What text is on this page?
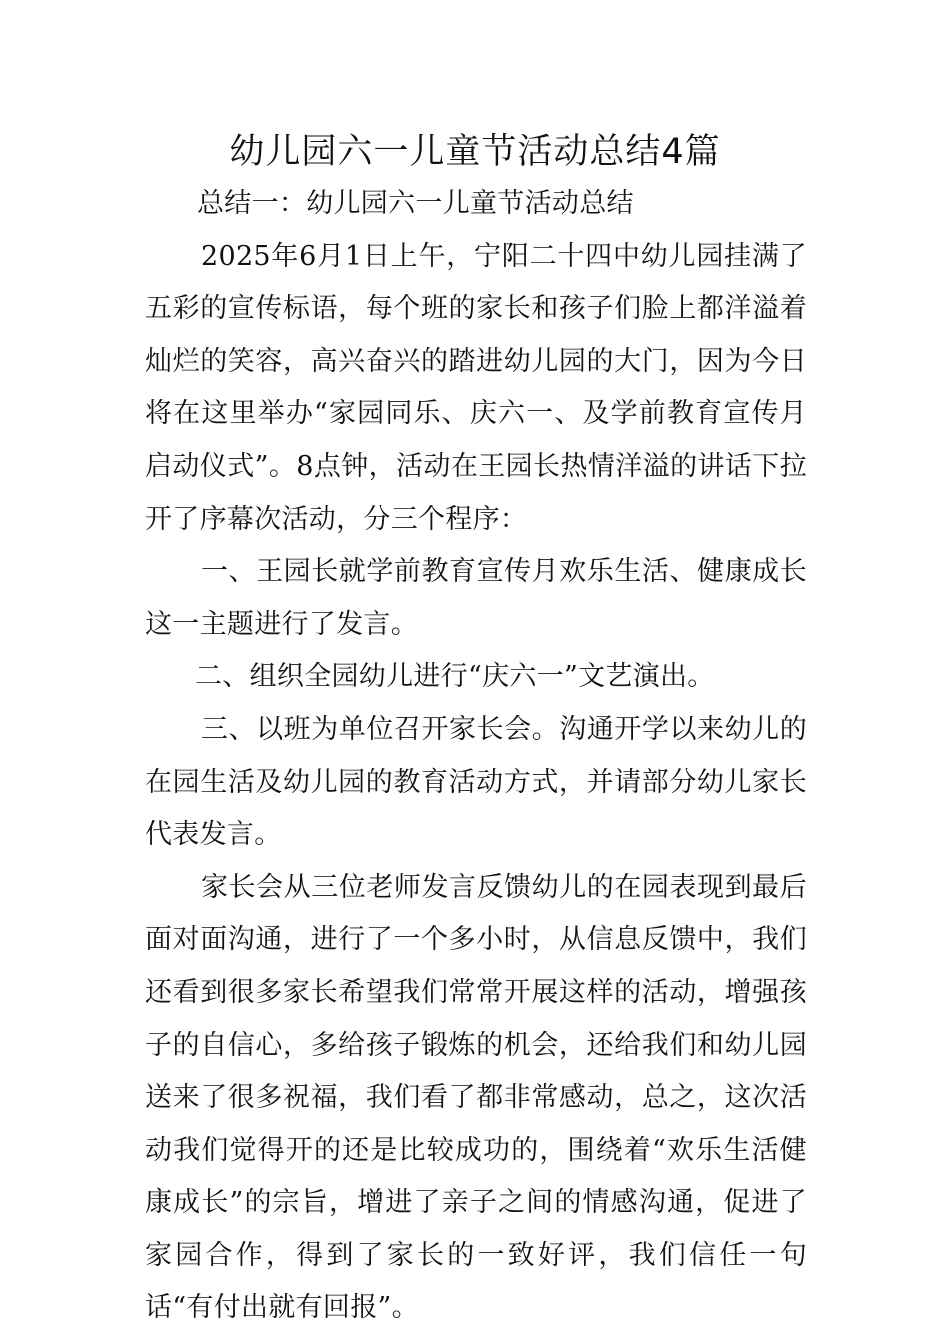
幼儿园六一儿童节活动总结4篇

总结一：幼儿园六一儿童节活动总结

2025年6月1日上午，宁阳二十四中幼儿园挂满了五彩的宣传标语，每个班的家长和孩子们脸上都洋溢着灿烂的笑容，高兴奋兴的踏进幼儿园的大门，因为今日将在这里举办“家园同乐、庆六一、及学前教育宣传月启动仪式”。8点钟，活动在王园长热情洋溢的讲话下拉开了序幕次活动，分三个程序：

一、王园长就学前教育宣传月欢乐生活、健康成长这一主题进行了发言。

二、组织全园幼儿进行“庆六一”文艺演出。

三、以班为单位召开家长会。沟通开学以来幼儿的在园生活及幼儿园的教育活动方式，并请部分幼儿家长代表发言。

家长会从三位老师发言反馈幼儿的在园表现到最后面对面沟通，进行了一个多小时，从信息反馈中，我们还看到很多家长希望我们常常开展这样的活动，增强孩子的自信心，多给孩子锻炼的机会，还给我们和幼儿园送来了很多祝福，我们看了都非常感动，总之，这次活动我们觉得开的还是比较成功的，围绕着“欢乐生活健康成长”的宗旨，增进了亲子之间的情感沟通，促进了家园合作，得到了家长的一致好评，我们信任一句话“有付出就有回报”。
